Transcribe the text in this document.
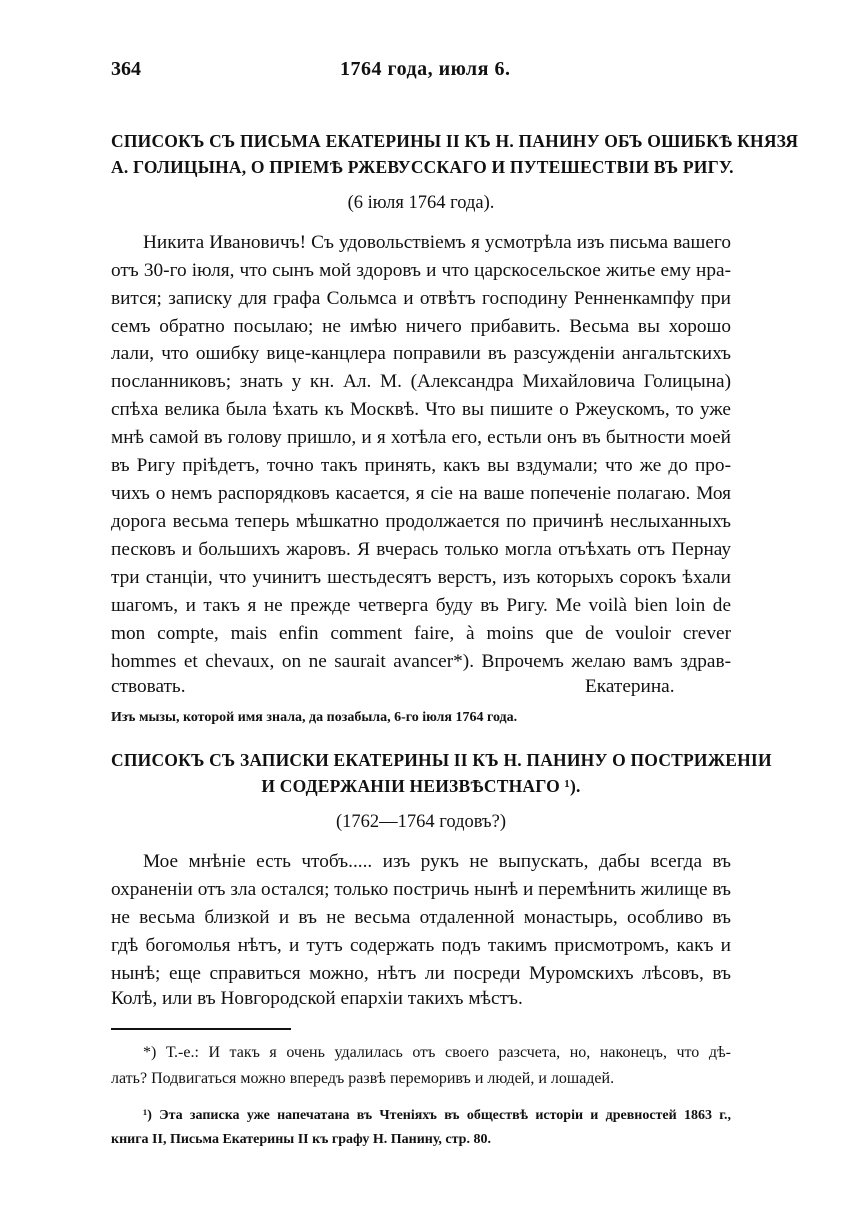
364	1764 года, июля 6.
СПИСОКЪ СЪ ПИСЬМА ЕКАТЕРИНЫ II КЪ Н. ПАНИНУ ОБЪ ОШИБКѢ КНЯЗЯ
А. ГОЛИЦЫНА, О ПРІЕМѢ РЖЕВУССКАГО И ПУТЕШЕСТВІИ ВЪ РИГУ.
(6 іюля 1764 года).
Никита Ивановичъ! Съ удовольствіемъ я усмотрѣла изъ письма вашего
отъ 30-го іюля, что сынъ мой здоровъ и что царскосельское житье ему нра-
вится; записку для графа Сольмса и отвѣтъ господину Ренненкампфу при
семъ обратно посылаю; не имѣю ничего прибавить. Весьма вы хорошо
лали, что ошибку вице-канцлера поправили въ разсужденіи ангальтскихъ
посланниковъ; знать у кн. Ал. М. (Александра Михайловича Голицына)
спѣха велика была ѣхать къ Москвѣ. Что вы пишите о Ржеускомъ, то уже
мнѣ самой въ голову пришло, и я хотѣла его, естьли онъ въ бытности моей
въ Ригу пріѣдетъ, точно такъ принять, какъ вы вздумали; что же до про-
чихъ о немъ распорядковъ касается, я сіе на ваше попеченіе полагаю. Моя
дорога весьма теперь мѣшкатно продолжается по причинѣ неслыханныхъ
песковъ и большихъ жаровъ. Я вчерась только могла отъѣхать отъ Пернау
три станціи, что учинитъ шестьдесятъ верстъ, изъ которыхъ сорокъ ѣхали
шагомъ, и такъ я не прежде четверга буду въ Ригу. Me voilà bien loin de
mon compte, mais enfin comment faire, à moins que de vouloir crever
hommes et chevaux, on ne saurait avancer*). Впрочемъ желаю вамъ здрав-
ствовать.	Екатерина.
Изъ мызы, которой имя знала, да позабыла, 6-го іюля 1764 года.
СПИСОКЪ СЪ ЗАПИСКИ ЕКАТЕРИНЫ II КЪ Н. ПАНИНУ О ПОСТРИЖЕНІИ
И СОДЕРЖАНІИ НЕИЗВѢСТНАГО ¹).
(1762—1764 годовъ?)
Мое мнѣніе есть чтобъ..... изъ рукъ не выпускать, дабы всегда въ
охраненіи отъ зла остался; только постричь нынѣ и перемѣнить жилище въ
не весьма близкой и въ не весьма отдаленной монастырь, особливо въ
гдѣ богомолья нѣтъ, и тутъ содержать подъ такимъ присмотромъ, какъ и
нынѣ; еще справиться можно, нѣтъ ли посреди Муромскихъ лѣсовъ, въ
Колѣ, или въ Новгородской епархіи такихъ мѣстъ.
*) Т.-е.: И такъ я очень удалилась отъ своего разсчета, но, наконецъ, что дѣ-
лать? Подвигаться можно впередъ развѣ переморивъ и людей, и лошадей.
¹) Эта записка уже напечатана въ Чтеніяхъ въ обществѣ исторіи и древностей 1863 г.,
книга II, Письма Екатерины II къ графу Н. Панину, стр. 80.
